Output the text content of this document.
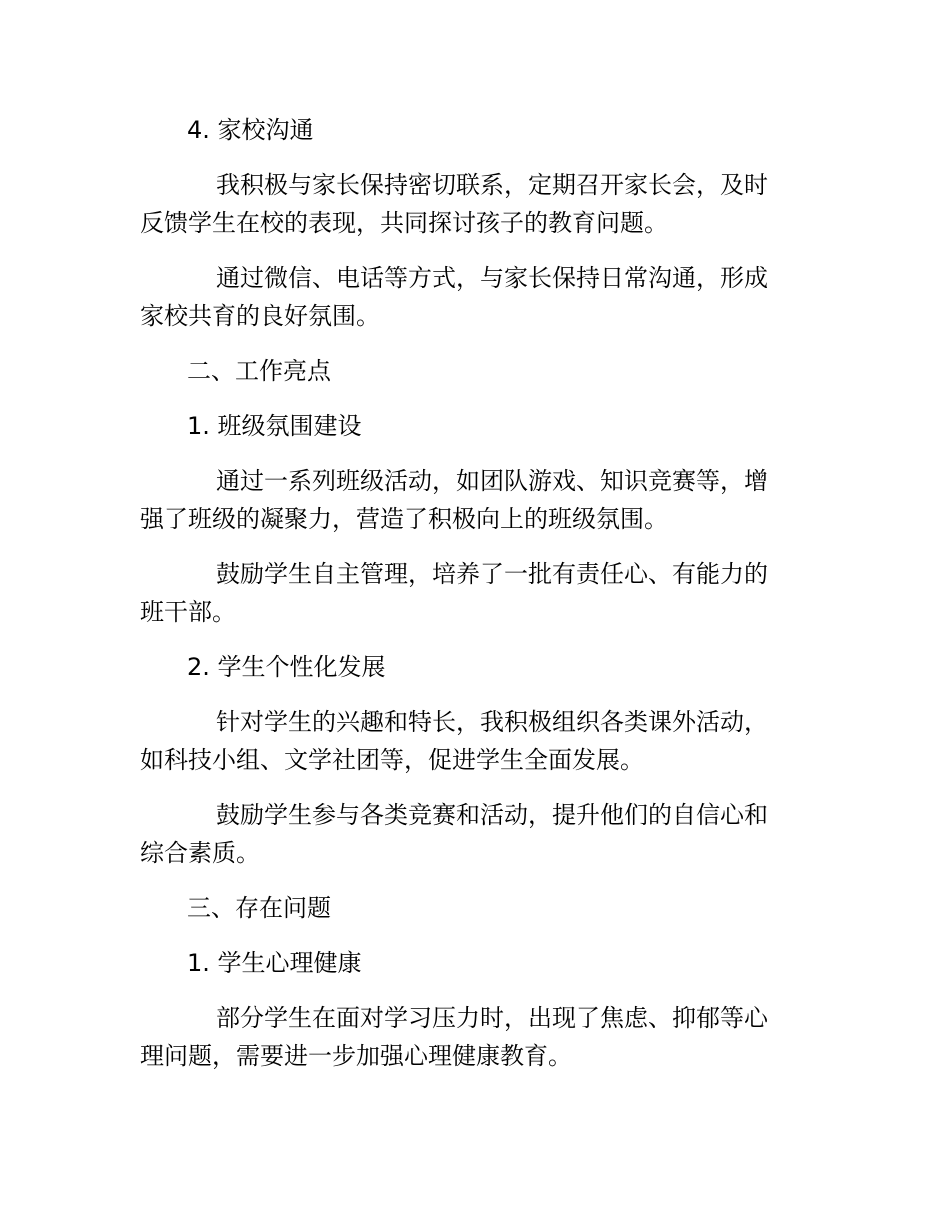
4. 家校沟通
我积极与家长保持密切联系，定期召开家长会，及时反馈学生在校的表现，共同探讨孩子的教育问题。
通过微信、电话等方式，与家长保持日常沟通，形成家校共育的良好氛围。
二、工作亮点
1. 班级氛围建设
通过一系列班级活动，如团队游戏、知识竞赛等，增强了班级的凝聚力，营造了积极向上的班级氛围。
鼓励学生自主管理，培养了一批有责任心、有能力的班干部。
2. 学生个性化发展
针对学生的兴趣和特长，我积极组织各类课外活动，如科技小组、文学社团等，促进学生全面发展。
鼓励学生参与各类竞赛和活动，提升他们的自信心和综合素质。
三、存在问题
1. 学生心理健康
部分学生在面对学习压力时，出现了焦虑、抑郁等心理问题，需要进一步加强心理健康教育。
